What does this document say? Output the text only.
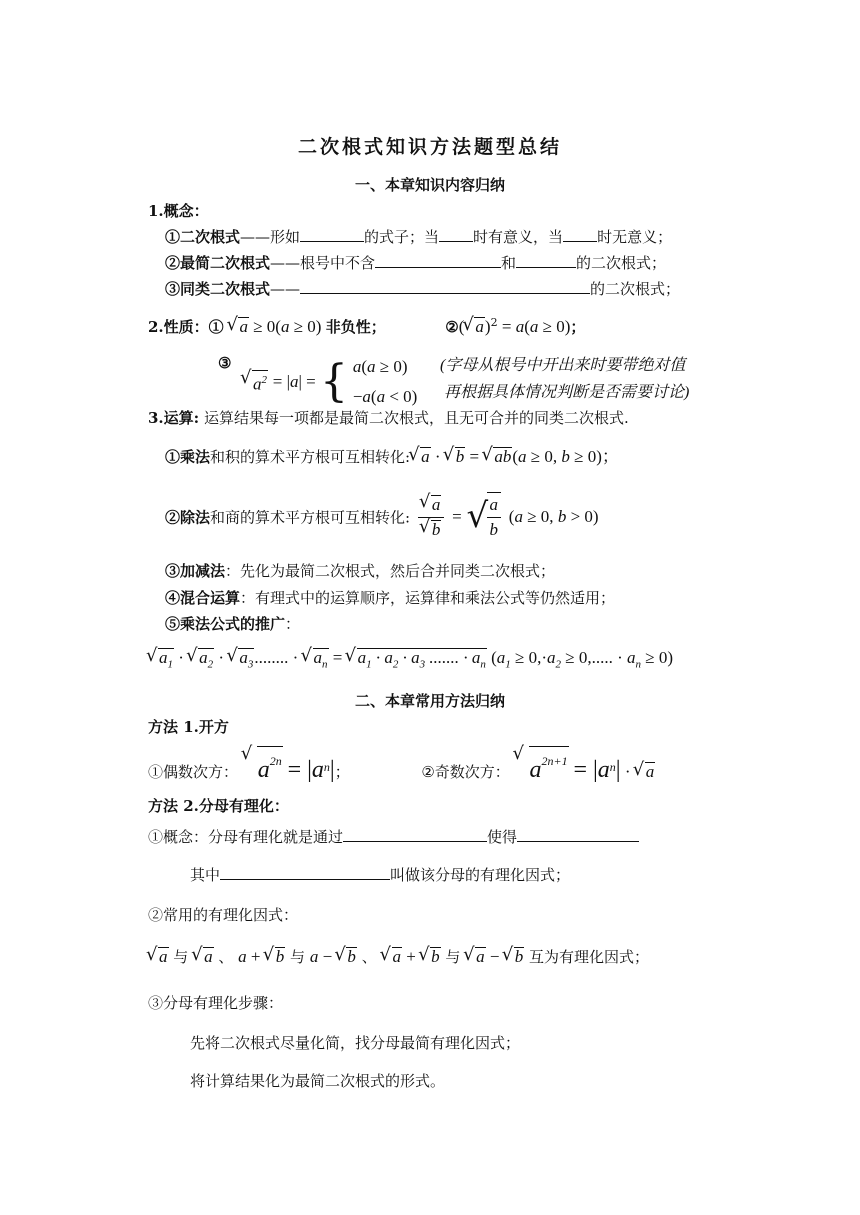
二次根式知识方法题型总结
一、本章知识内容归纳
1.概念：
①二次根式——形如	的式子；当 时有意义，当 时无意义；
②最简二次根式——根号中不含	和	的二次根式；
③同类二次根式——	的二次根式；
2.性质：① √ a ≥ 0(a ≥ 0) 非负性；	②( √ a)$^2$ = a(a ≥ 0)；
③
√ $a^2 = |a|$ = { a(a ≥ 0)
−a(a < 0)
(字母从根号中开出来时要带绝对值
再根据具体情况判断是否需要讨论)
3.运算: 运算结果每一项都是最简二次根式，且无可合并的同类二次根式.
①乘法和积的算术平方根可互相转化: √ a · √ b = √ ab(a ≥ 0, b ≥ 0)；
②除法和商的算术平方根可互相转化: √ a
√ b = √
$\frac{a}{b} (a \ge 0$, b > 0)
③加减法：先化为最简二次根式，然后合并同类二次根式；
④混合运算：有理式中的运算顺序，运算律和乘法公式等仍然适用；
⑤乘法公式的推广：
√ $a_1$ · √ $a_2$ · √ $a_3$........ · √ $a_n$ = √ $a_1 \cdot a_2 \cdot a_3$ ....... · $a_n$ ($a_1 \ge 0,\cdot a_2 \ge 0$,..... · $a_n \ge 0$)
二、本章常用方法归纳
方法 1.开方
①偶数次方： √ $a^{2n} = |a^n|$；	②奇数次方： √ $a^{2n+1} = |a^n|$ · √ a
方法 2.分母有理化：
①概念：分母有理化就是通过	使得
其中	叫做该分母的有理化因式；
②常用的有理化因式：
√ a 与 √ a 、 a + √ b 与 a − √ b 、 √ a + √ b 与 √ a − √ b 互为有理化因式；
③分母有理化步骤：
先将二次根式尽量化简，找分母最简有理化因式；
将计算结果化为最简二次根式的形式。
